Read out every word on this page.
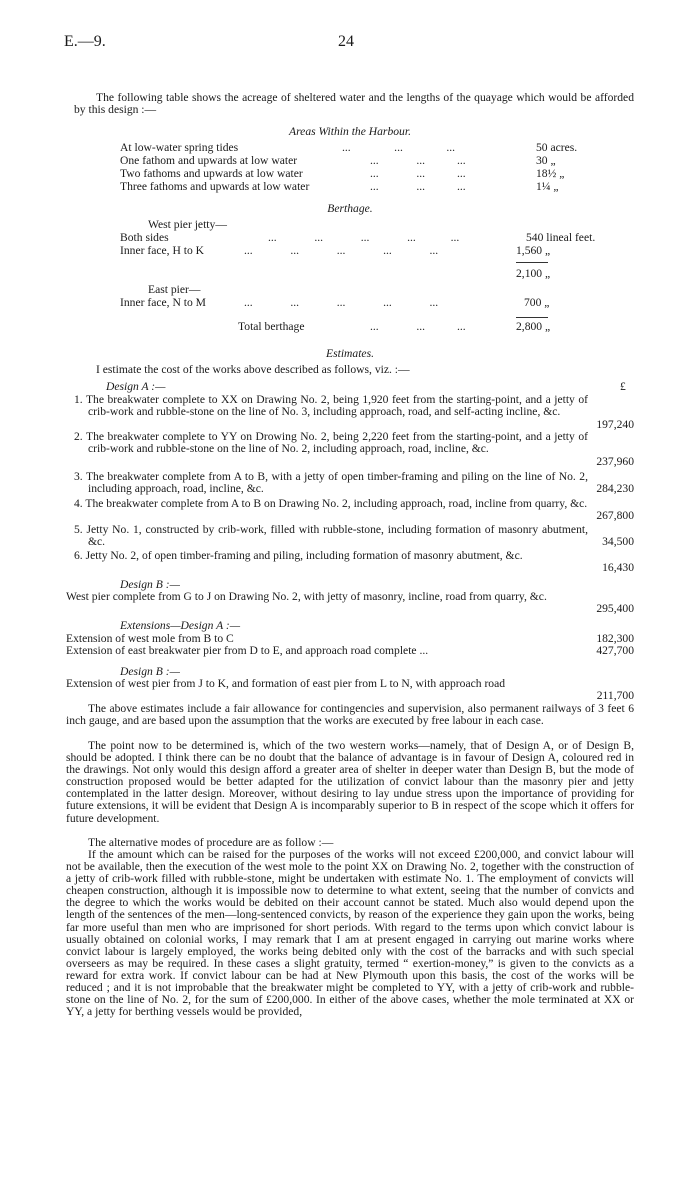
E.—9.	24
The following table shows the acreage of sheltered water and the lengths of the quayage which would be afforded by this design :—
Areas Within the Harbour.
At low-water spring tides	...               ...               ...	50 acres.
One fathom and upwards at low water	...             ...           ...	30 „
Two fathoms and upwards at low water	...             ...           ...	18½ „
Three fathoms and upwards at low water	...             ...           ...	1¼ „
Berthage.
West pier jetty—
Both sides	...             ...             ...             ...            ...	540 lineal feet.
Inner face, H to K	...             ...             ...             ...             ...	1,560 „
2,100 „
East pier—
Inner face, N to M	...             ...             ...             ...             ...	700 „
Total berthage	...             ...           ...	2,800 „
Estimates.
I estimate the cost of the works above described as follows, viz. :—
Design A :—	£
1. The breakwater complete to XX on Drawing No. 2, being 1,920 feet from the starting-point, and a jetty of crib-work and rubble-stone on the line of No. 3, including approach, road, and self-acting incline, &c.
197,240
2. The breakwater complete to YY on Drowing No. 2, being 2,220 feet from the starting-point, and a jetty of crib-work and rubble-stone on the line of No. 2, including approach, road, incline, &c.
237,960
3. The breakwater complete from A to B, with a jetty of open timber-framing and piling on the line of No. 2, including approach, road, incline, &c.	284,230
4. The breakwater complete from A to B on Drawing No. 2, including approach, road, incline from quarry, &c.
267,800
5. Jetty No. 1, constructed by crib-work, filled with rubble-stone, including formation of masonry abutment, &c.	34,500
6. Jetty No. 2, of open timber-framing and piling, including formation of masonry abutment, &c.
16,430
Design B :—
West pier complete from G to J on Drawing No. 2, with jetty of masonry, incline, road from quarry, &c.
295,400
Extensions—Design A :—
Extension of west mole from B to C	182,300
Extension of east breakwater pier from D to E, and approach road complete ...	427,700
Design B :—
Extension of west pier from J to K, and formation of east pier from L to N, with approach road
211,700
The above estimates include a fair allowance for contingencies and supervision, also permanent railways of 3 feet 6 inch gauge, and are based upon the assumption that the works are executed by free labour in each case.
The point now to be determined is, which of the two western works—namely, that of Design A, or of Design B, should be adopted. I think there can be no doubt that the balance of advantage is in favour of Design A, coloured red in the drawings. Not only would this design afford a greater area of shelter in deeper water than Design B, but the mode of construction proposed would be better adapted for the utilization of convict labour than the masonry pier and jetty contemplated in the latter design. Moreover, without desiring to lay undue stress upon the importance of providing for future extensions, it will be evident that Design A is incomparably superior to B in respect of the scope which it offers for future development.
The alternative modes of procedure are as follow :—
If the amount which can be raised for the purposes of the works will not exceed £200,000, and convict labour will not be available, then the execution of the west mole to the point XX on Drawing No. 2, together with the construction of a jetty of crib-work filled with rubble-stone, might be undertaken with estimate No. 1. The employment of convicts will cheapen construction, although it is impossible now to determine to what extent, seeing that the number of convicts and the degree to which the works would be debited on their account cannot be stated. Much also would depend upon the length of the sentences of the men—long-sentenced convicts, by reason of the experience they gain upon the works, being far more useful than men who are imprisoned for short periods. With regard to the terms upon which convict labour is usually obtained on colonial works, I may remark that I am at present engaged in carrying out marine works where convict labour is largely employed, the works being debited only with the cost of the barracks and with such special overseers as may be required. In these cases a slight gratuity, termed “ exertion-money,” is given to the convicts as a reward for extra work. If convict labour can be had at New Plymouth upon this basis, the cost of the works will be reduced ; and it is not improbable that the breakwater might be completed to YY, with a jetty of crib-work and rubble-stone on the line of No. 2, for the sum of £200,000. In either of the above cases, whether the mole terminated at XX or YY, a jetty for berthing vessels would be provided,
